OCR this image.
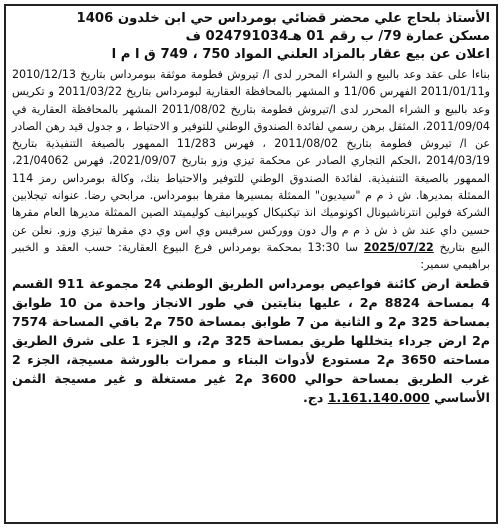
الأستاذ بلحاج علي محضر قضائي بومرداس حي ابن خلدون 1406
مسكن عمارة 79/ ب رقم 01 هـ024791034 ف
اعلان عن بيع عقار بالمزاد العلني المواد 750 ، 749 ق ا م ا
بناءا على عقد وعد بالبيع و الشراء المحرر لدى ا/ تيروش فطومة موثقة ببومرداس بتاريخ 2010/12/13 و2011/01/11 الفهرس 11/06 و المشهر بالمحافظة العقارية لبومرداس بتاريخ 2011/03/22 و تكريس وعد بالبيع و الشراء المحرر لدى ا/تيروش فطومة بتاريخ 2011/08/02 المشهر بالمحافظة العقارية في 2011/09/04، المثقل برهن رسمي لفائدة الصندوق الوطني للتوفير و الاحتياط ، و جدول قيد رهن الصادر عن ا/ تيروش فطومة بتاريخ 2011/08/02 ، فهرس 11/283 الممهور بالصيغة التنفيذية بتاريخ 2014/03/19 ،الحكم التجاري الصادر عن محكمة تيزي وزو بتاريخ 2021/09/07، فهرس 21/04062، الممهور بالصيغة التنفيذية. لفائدة الصندوق الوطني للتوفير والاحتياط بنك، وكالة بومرداس رمز 114 الممثلة بمديرها. ش ذ م م "سيديون" الممثلة بمسيرها مقرها ببومرداس. مرابحي رضا. عنوانه تيجلابين الشركة فولين انترناشيونال اكونوميك انذ تيكنيكال كوبيرانيف كوليميتد الصين الممثلة مديرها العام مقرها حسين داي عند ش ذ ش ذ م م وال دون ووركس سرفيس وي اس وي دي مقرها تيزي وزو. نعلن عن البيع بتاريخ 2025/07/22 سا 13:30 بمحكمة بومرداس فرع البيوع العقارية: حسب العقد و الخبير براهيمي سمير:
قطعة ارض كائنة فواعيص بومرداس الطريق الوطني 24 مجموعة 911 القسم 4 بمساحة 8824 م2 ، عليها بنايتين في طور الانجاز واحدة من 10 طوابق بمساحة 325 م2 و الثانية من 7 طوابق بمساحة 750 م2 باقي المساحة 7574 م2 ارض جرداء يتخللها طريق بمساحة 325 م2، و الجزء 1 على شرق الطريق مساحته 3650 م2 مستودع لأدوات البناء و ممرات بالورشة مسيجة، الجزء 2 غرب الطريق بمساحة حوالي 3600 م2 غير مستغلة و غير مسيجة الثمن الأساسي 1.161.140.000 دج.
